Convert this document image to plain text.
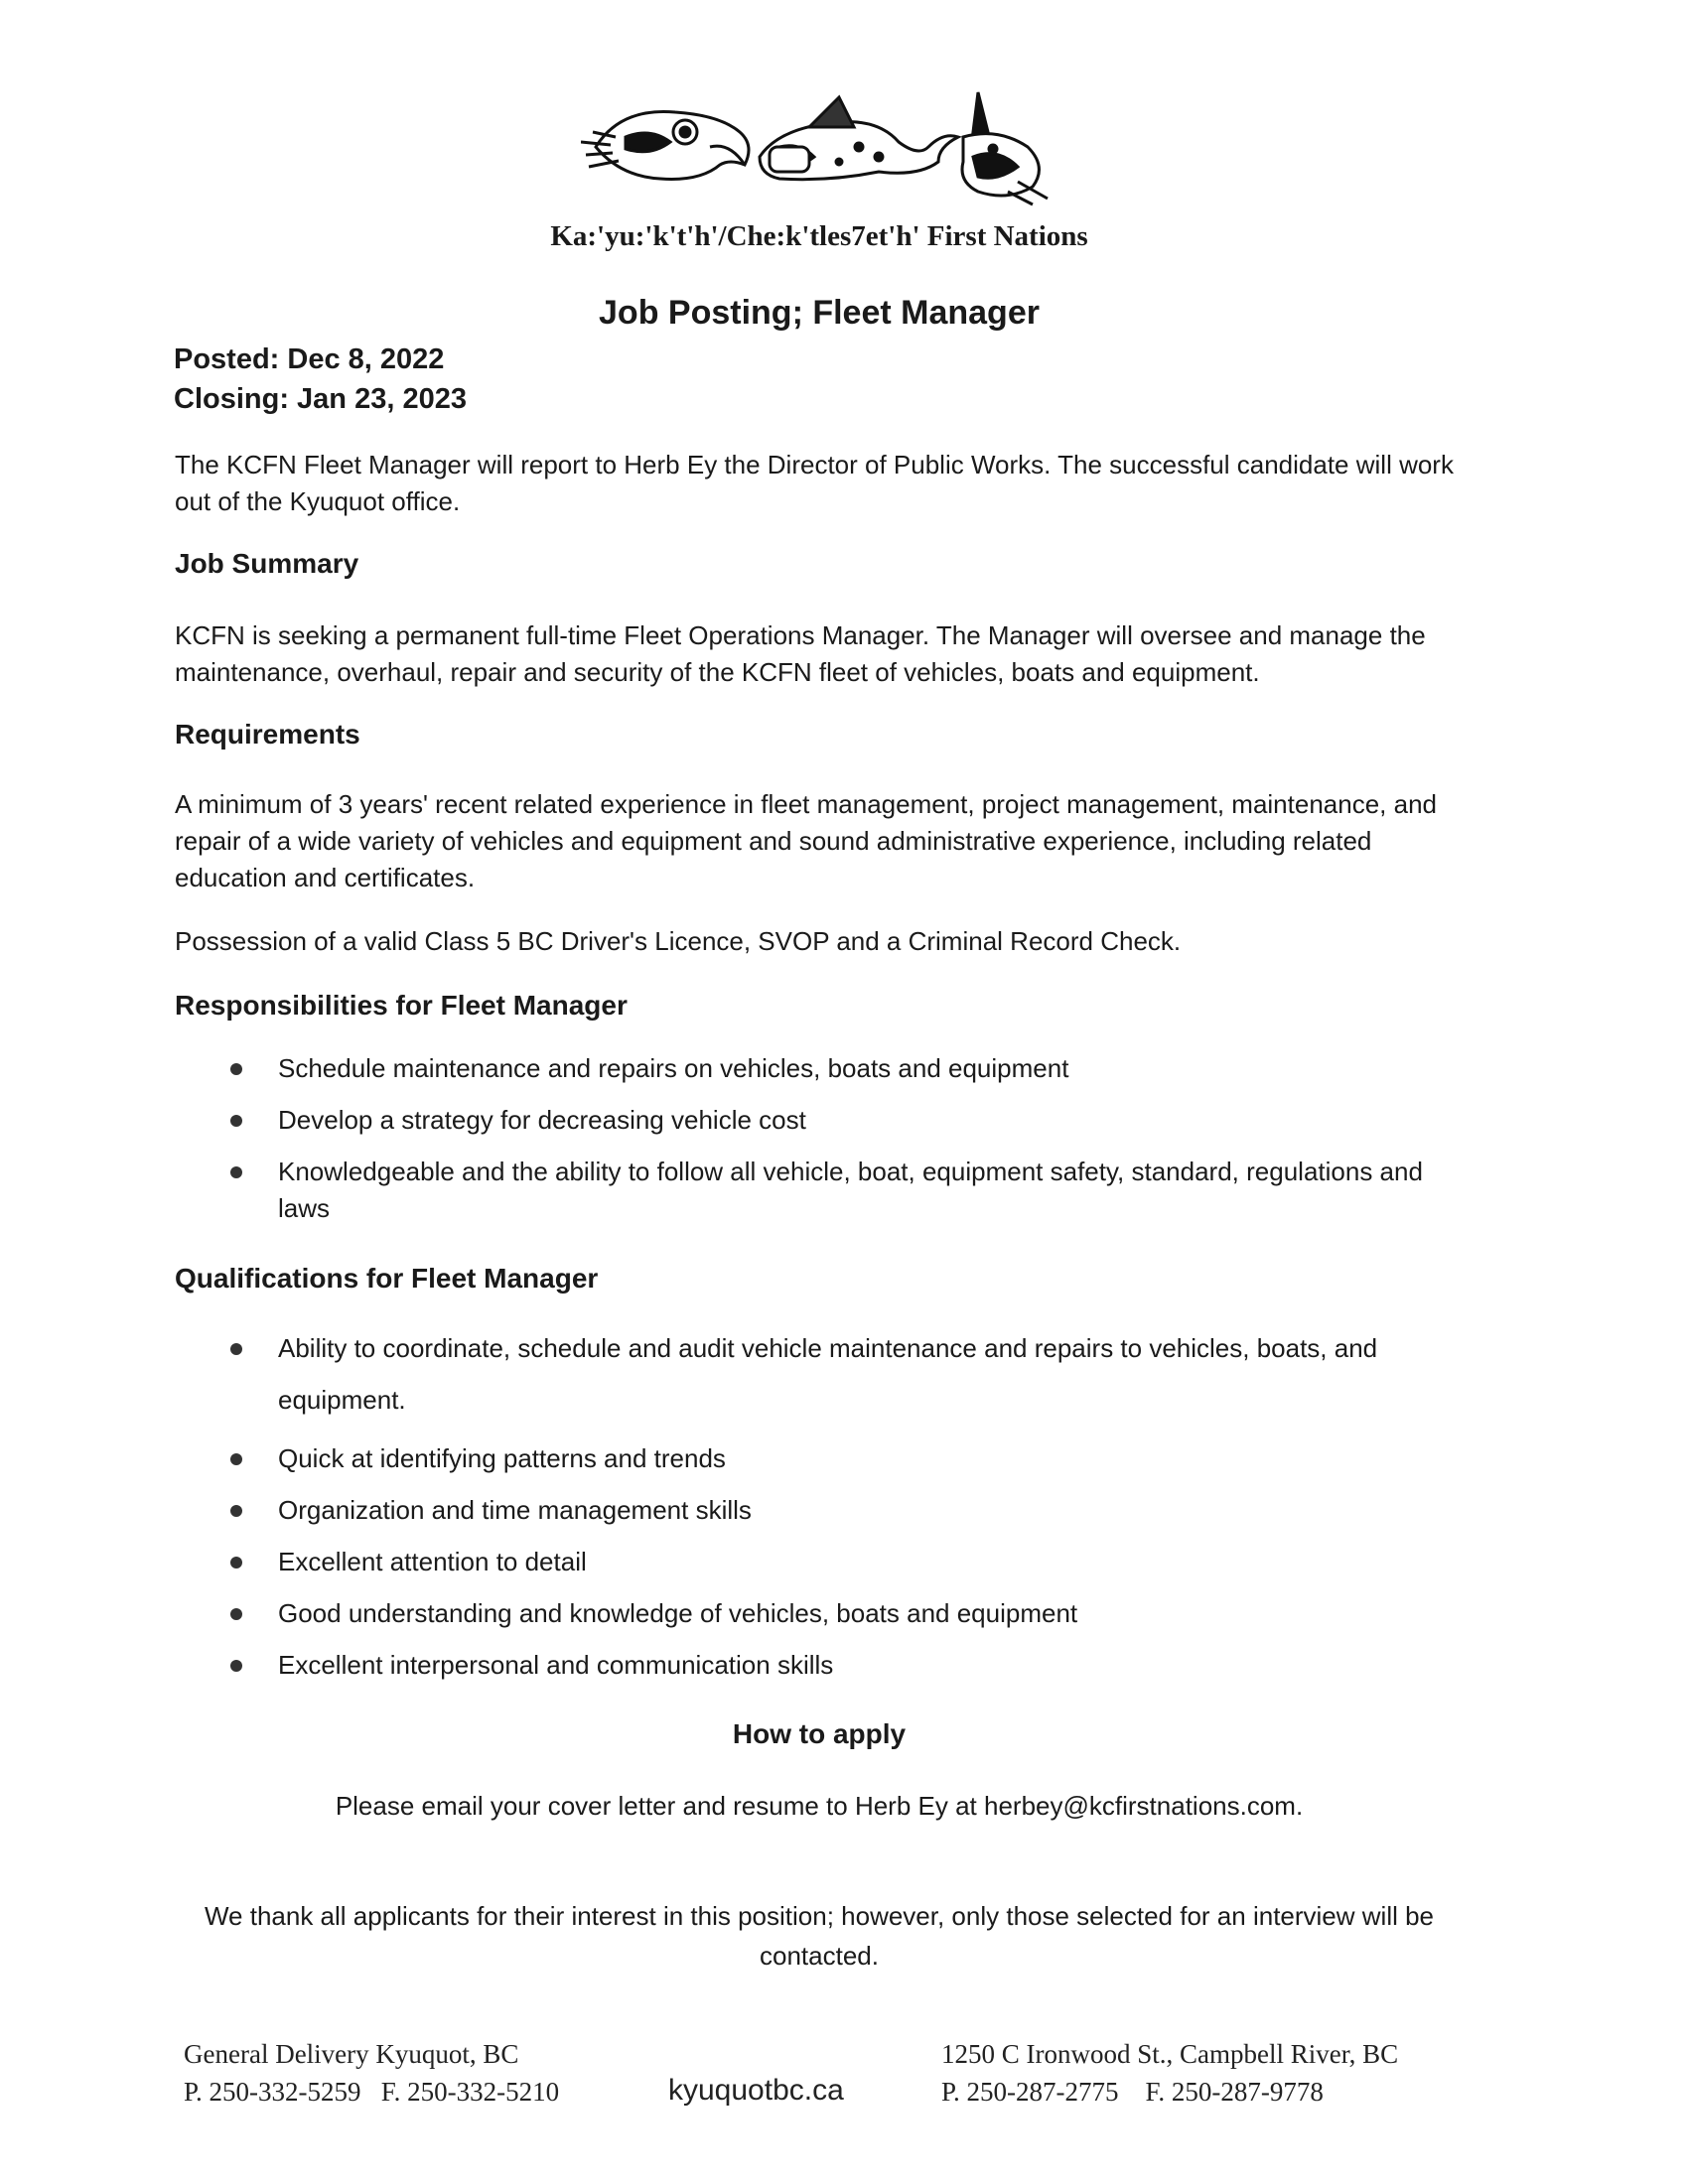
Ka:'yu:'k't'h'/Che:k'tles7et'h' First Nations
Job Posting; Fleet Manager
Posted: Dec 8, 2022
Closing: Jan 23, 2023
The KCFN Fleet Manager will report to Herb Ey the Director of Public Works. The successful candidate will work out of the Kyuquot office.
Job Summary
KCFN is seeking a permanent full-time Fleet Operations Manager. The Manager will oversee and manage the maintenance, overhaul, repair and security of the KCFN fleet of vehicles, boats and equipment.
Requirements
A minimum of 3 years' recent related experience in fleet management, project management, maintenance, and repair of a wide variety of vehicles and equipment and sound administrative experience, including related education and certificates.
Possession of a valid Class 5 BC Driver's Licence, SVOP and a Criminal Record Check.
Responsibilities for Fleet Manager
Schedule maintenance and repairs on vehicles, boats and equipment
Develop a strategy for decreasing vehicle cost
Knowledgeable and the ability to follow all vehicle, boat, equipment safety, standard, regulations and laws
Qualifications for Fleet Manager
Ability to coordinate, schedule and audit vehicle maintenance and repairs to vehicles, boats, and equipment.
Quick at identifying patterns and trends
Organization and time management skills
Excellent attention to detail
Good understanding and knowledge of vehicles, boats and equipment
Excellent interpersonal and communication skills
How to apply
Please email your cover letter and resume to Herb Ey at herbey@kcfirstnations.com.
We thank all applicants for their interest in this position; however, only those selected for an interview will be contacted.
General Delivery Kyuquot, BC
P. 250-332-5259   F. 250-332-5210	kyuquotbc.ca
1250 C Ironwood St., Campbell River, BC
P. 250-287-2775    F. 250-287-9778
